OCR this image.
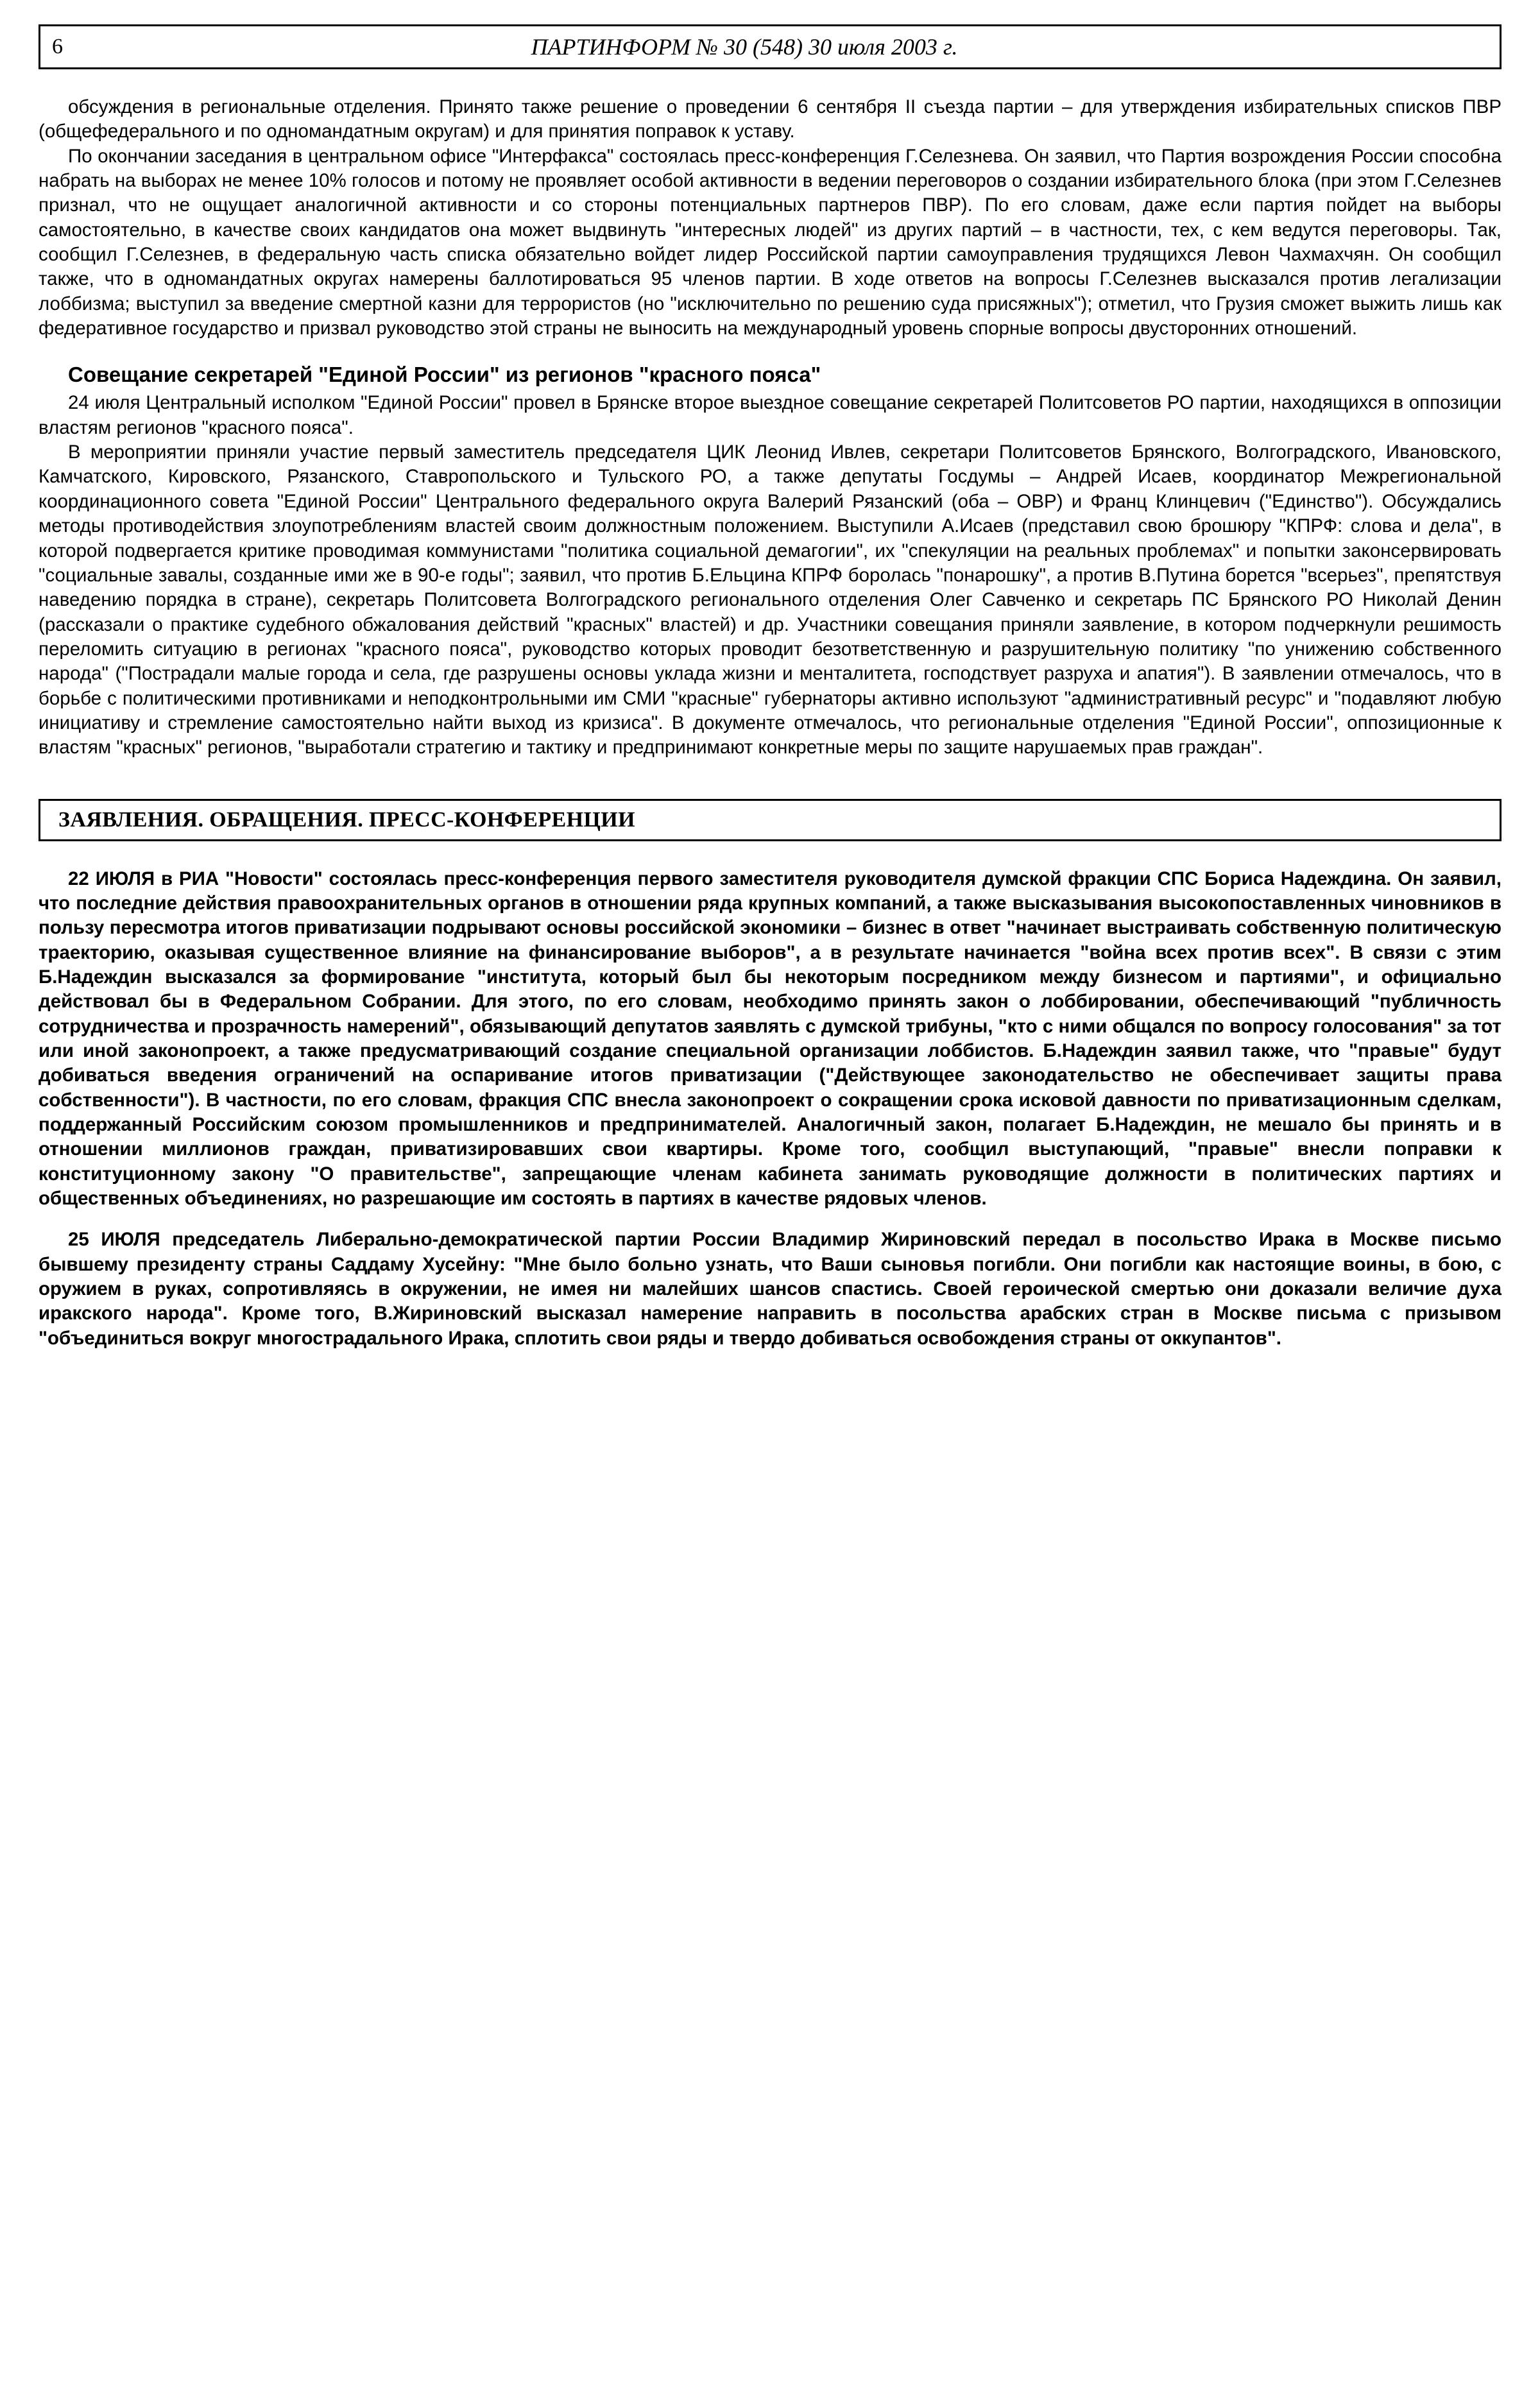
6	ПАРТИНФОРМ № 30 (548) 30 июля 2003 г.

обсуждения в региональные отделения. Принято также решение о проведении 6 сентября II съезда партии – для утверждения избирательных списков ПВР (общефедерального и по одномандатным округам) и для принятия поправок к уставу.

По окончании заседания в центральном офисе "Интерфакса" состоялась пресс-конференция Г.Селезнева. Он заявил, что Партия возрождения России способна набрать на выборах не менее 10% голосов и потому не проявляет особой активности в ведении переговоров о создании избирательного блока (при этом Г.Селезнев признал, что не ощущает аналогичной активности и со стороны потенциальных партнеров ПВР). По его словам, даже если партия пойдет на выборы самостоятельно, в качестве своих кандидатов она может выдвинуть "интересных людей" из других партий – в частности, тех, с кем ведутся переговоры. Так, сообщил Г.Селезнев, в федеральную часть списка обязательно войдет лидер Российской партии самоуправления трудящихся Левон Чахмахчян. Он сообщил также, что в одномандатных округах намерены баллотироваться 95 членов партии. В ходе ответов на вопросы Г.Селезнев высказался против легализации лоббизма; выступил за введение смертной казни для террористов (но "исключительно по решению суда присяжных"); отметил, что Грузия сможет выжить лишь как федеративное государство и призвал руководство этой страны не выносить на международный уровень спорные вопросы двусторонних отношений.

Совещание секретарей "Единой России" из регионов "красного пояса"

24 июля Центральный исполком "Единой России" провел в Брянске второе выездное совещание секретарей Политсоветов РО партии, находящихся в оппозиции властям регионов "красного пояса".

В мероприятии приняли участие первый заместитель председателя ЦИК Леонид Ивлев, секретари Политсоветов Брянского, Волгоградского, Ивановского, Камчатского, Кировского, Рязанского, Ставропольского и Тульского РО, а также депутаты Госдумы – Андрей Исаев, координатор Межрегиональной координационного совета "Единой России" Центрального федерального округа Валерий Рязанский (оба – ОВР) и Франц Клинцевич ("Единство"). Обсуждались методы противодействия злоупотреблениям властей своим должностным положением. Выступили А.Исаев (представил свою брошюру "КПРФ: слова и дела", в которой подвергается критике проводимая коммунистами "политика социальной демагогии", их "спекуляции на реальных проблемах" и попытки законсервировать "социальные завалы, созданные ими же в 90-е годы"; заявил, что против Б.Ельцина КПРФ боролась "понарошку", а против В.Путина борется "всерьез", препятствуя наведению порядка в стране), секретарь Политсовета Волгоградского регионального отделения Олег Савченко и секретарь ПС Брянского РО Николай Денин (рассказали о практике судебного обжалования действий "красных" властей) и др. Участники совещания приняли заявление, в котором подчеркнули решимость переломить ситуацию в регионах "красного пояса", руководство которых проводит безответственную и разрушительную политику "по унижению собственного народа" ("Пострадали малые города и села, где разрушены основы уклада жизни и менталитета, господствует разруха и апатия"). В заявлении отмечалось, что в борьбе с политическими противниками и неподконтрольными им СМИ "красные" губернаторы активно используют "административный ресурс" и "подавляют любую инициативу и стремление самостоятельно найти выход из кризиса". В документе отмечалось, что региональные отделения "Единой России", оппозиционные к властям "красных" регионов, "выработали стратегию и тактику и предпринимают конкретные меры по защите нарушаемых прав граждан".

ЗАЯВЛЕНИЯ. ОБРАЩЕНИЯ. ПРЕСС-КОНФЕРЕНЦИИ

22 ИЮЛЯ в РИА "Новости" состоялась пресс-конференция первого заместителя руководителя думской фракции СПС Бориса Надеждина. Он заявил, что последние действия правоохранительных органов в отношении ряда крупных компаний, а также высказывания высокопоставленных чиновников в пользу пересмотра итогов приватизации подрывают основы российской экономики – бизнес в ответ "начинает выстраивать собственную политическую траекторию, оказывая существенное влияние на финансирование выборов", а в результате начинается "война всех против всех". В связи с этим Б.Надеждин высказался за формирование "института, который был бы некоторым посредником между бизнесом и партиями", и официально действовал бы в Федеральном Собрании. Для этого, по его словам, необходимо принять закон о лоббировании, обеспечивающий "публичность сотрудничества и прозрачность намерений", обязывающий депутатов заявлять с думской трибуны, "кто с ними общался по вопросу голосования" за тот или иной законопроект, а также предусматривающий создание специальной организации лоббистов. Б.Надеждин заявил также, что "правые" будут добиваться введения ограничений на оспаривание итогов приватизации ("Действующее законодательство не обеспечивает защиты права собственности"). В частности, по его словам, фракция СПС внесла законопроект о сокращении срока исковой давности по приватизационным сделкам, поддержанный Российским союзом промышленников и предпринимателей. Аналогичный закон, полагает Б.Надеждин, не мешало бы принять и в отношении миллионов граждан, приватизировавших свои квартиры. Кроме того, сообщил выступающий, "правые" внесли поправки к конституционному закону "О правительстве", запрещающие членам кабинета занимать руководящие должности в политических партиях и общественных объединениях, но разрешающие им состоять в партиях в качестве рядовых членов.

25 ИЮЛЯ председатель Либерально-демократической партии России Владимир Жириновский передал в посольство Ирака в Москве письмо бывшему президенту страны Саддаму Хусейну: "Мне было больно узнать, что Ваши сыновья погибли. Они погибли как настоящие воины, в бою, с оружием в руках, сопротивляясь в окружении, не имея ни малейших шансов спастись. Своей героической смертью они доказали величие духа иракского народа". Кроме того, В.Жириновский высказал намерение направить в посольства арабских стран в Москве письма с призывом "объединиться вокруг многострадального Ирака, сплотить свои ряды и твердо добиваться освобождения страны от оккупантов".
